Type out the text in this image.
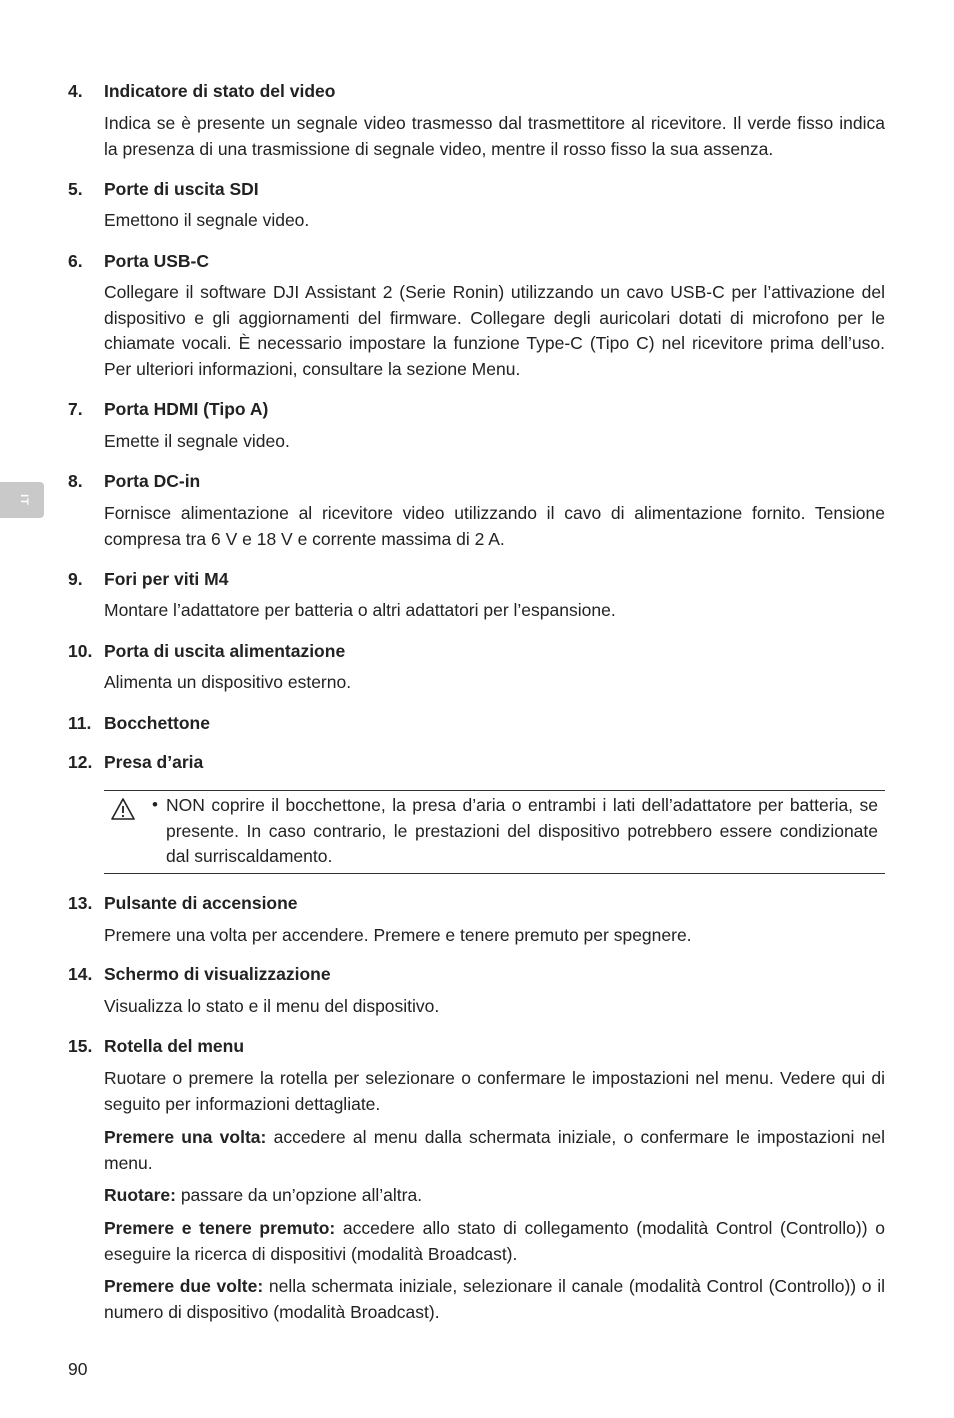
IT
4. Indicatore di stato del video
Indica se è presente un segnale video trasmesso dal trasmettitore al ricevitore. Il verde fisso indica la presenza di una trasmissione di segnale video, mentre il rosso fisso la sua assenza.
5. Porte di uscita SDI
Emettono il segnale video.
6. Porta USB-C
Collegare il software DJI Assistant 2 (Serie Ronin) utilizzando un cavo USB-C per l’attivazione del dispositivo e gli aggiornamenti del firmware. Collegare degli auricolari dotati di microfono per le chiamate vocali. È necessario impostare la funzione Type-C (Tipo C) nel ricevitore prima dell’uso. Per ulteriori informazioni, consultare la sezione Menu.
7. Porta HDMI (Tipo A)
Emette il segnale video.
8. Porta DC-in
Fornisce alimentazione al ricevitore video utilizzando il cavo di alimentazione fornito. Tensione compresa tra 6 V e 18 V e corrente massima di 2 A.
9. Fori per viti M4
Montare l’adattatore per batteria o altri adattatori per l’espansione.
10. Porta di uscita alimentazione
Alimenta un dispositivo esterno.
11. Bocchettone
12. Presa d’aria
• NON coprire il bocchettone, la presa d’aria o entrambi i lati dell’adattatore per batteria, se presente. In caso contrario, le prestazioni del dispositivo potrebbero essere condizionate dal surriscaldamento.
13. Pulsante di accensione
Premere una volta per accendere. Premere e tenere premuto per spegnere.
14. Schermo di visualizzazione
Visualizza lo stato e il menu del dispositivo.
15. Rotella del menu
Ruotare o premere la rotella per selezionare o confermare le impostazioni nel menu. Vedere qui di seguito per informazioni dettagliate.
Premere una volta: accedere al menu dalla schermata iniziale, o confermare le impostazioni nel menu.
Ruotare: passare da un’opzione all’altra.
Premere e tenere premuto: accedere allo stato di collegamento (modalità Control (Controllo)) o eseguire la ricerca di dispositivi (modalità Broadcast).
Premere due volte: nella schermata iniziale, selezionare il canale (modalità Control (Controllo)) o il numero di dispositivo (modalità Broadcast).
90
